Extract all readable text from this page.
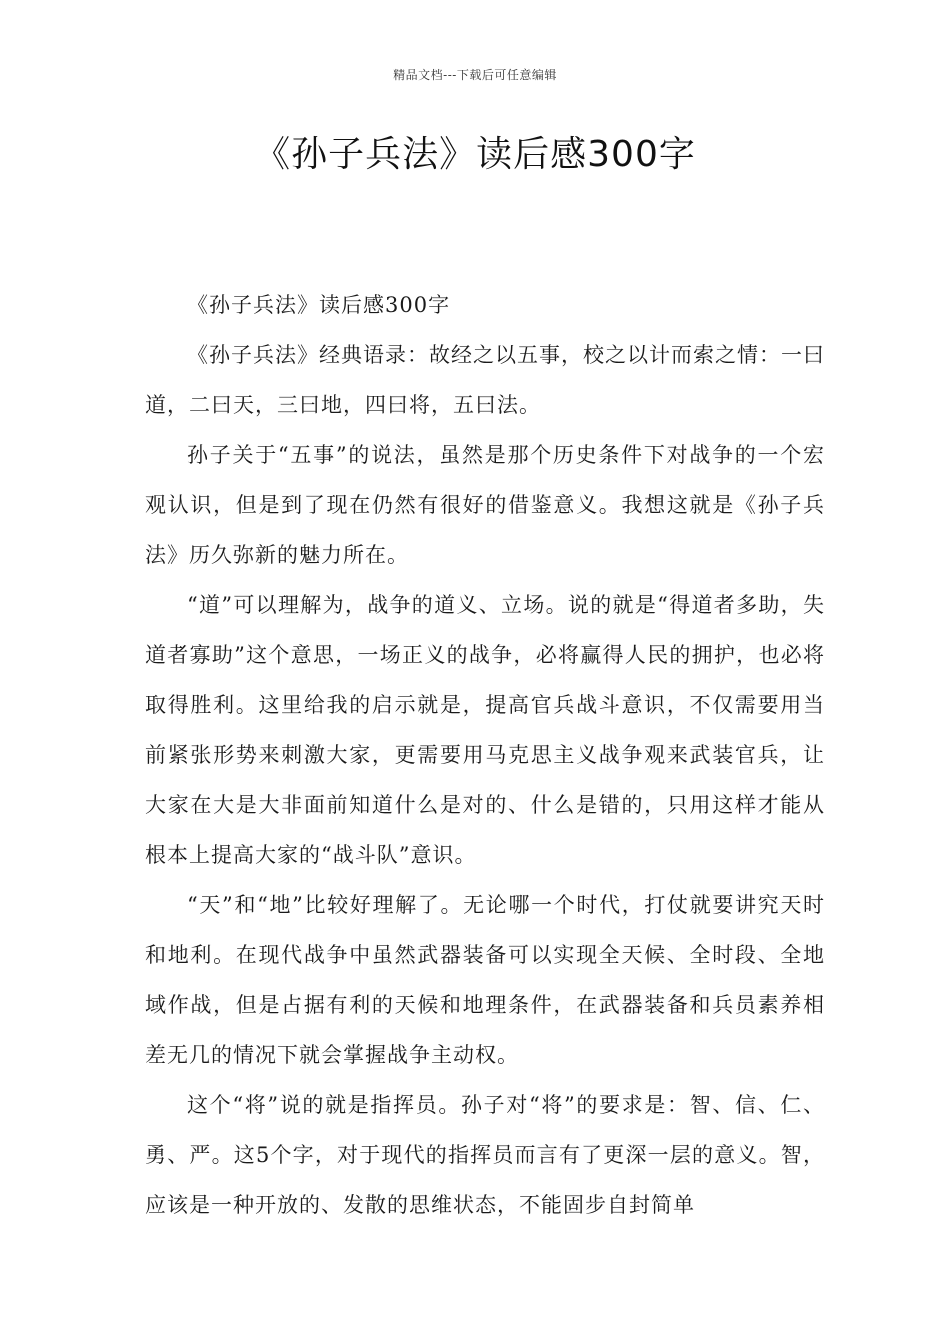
精品文档---下载后可任意编辑
《孙子兵法》读后感300字

《孙子兵法》读后感300字

《孙子兵法》经典语录：故经之以五事，校之以计而索之情：一曰道，二曰天，三曰地，四曰将，五曰法。

孙子关于“五事”的说法，虽然是那个历史条件下对战争的一个宏观认识，但是到了现在仍然有很好的借鉴意义。我想这就是《孙子兵法》历久弥新的魅力所在。

“道”可以理解为，战争的道义、立场。说的就是“得道者多助，失道者寡助”这个意思，一场正义的战争，必将赢得人民的拥护，也必将取得胜利。这里给我的启示就是，提高官兵战斗意识，不仅需要用当前紧张形势来刺激大家，更需要用马克思主义战争观来武装官兵，让大家在大是大非面前知道什么是对的、什么是错的，只用这样才能从根本上提高大家的“战斗队”意识。

“天”和“地”比较好理解了。无论哪一个时代，打仗就要讲究天时和地利。在现代战争中虽然武器装备可以实现全天候、全时段、全地域作战，但是占据有利的天候和地理条件，在武器装备和兵员素养相差无几的情况下就会掌握战争主动权。

这个“将”说的就是指挥员。孙子对“将”的要求是：智、信、仁、勇、严。这5个字，对于现代的指挥员而言有了更深一层的意义。智，应该是一种开放的、发散的思维状态，不能固步自封简单
